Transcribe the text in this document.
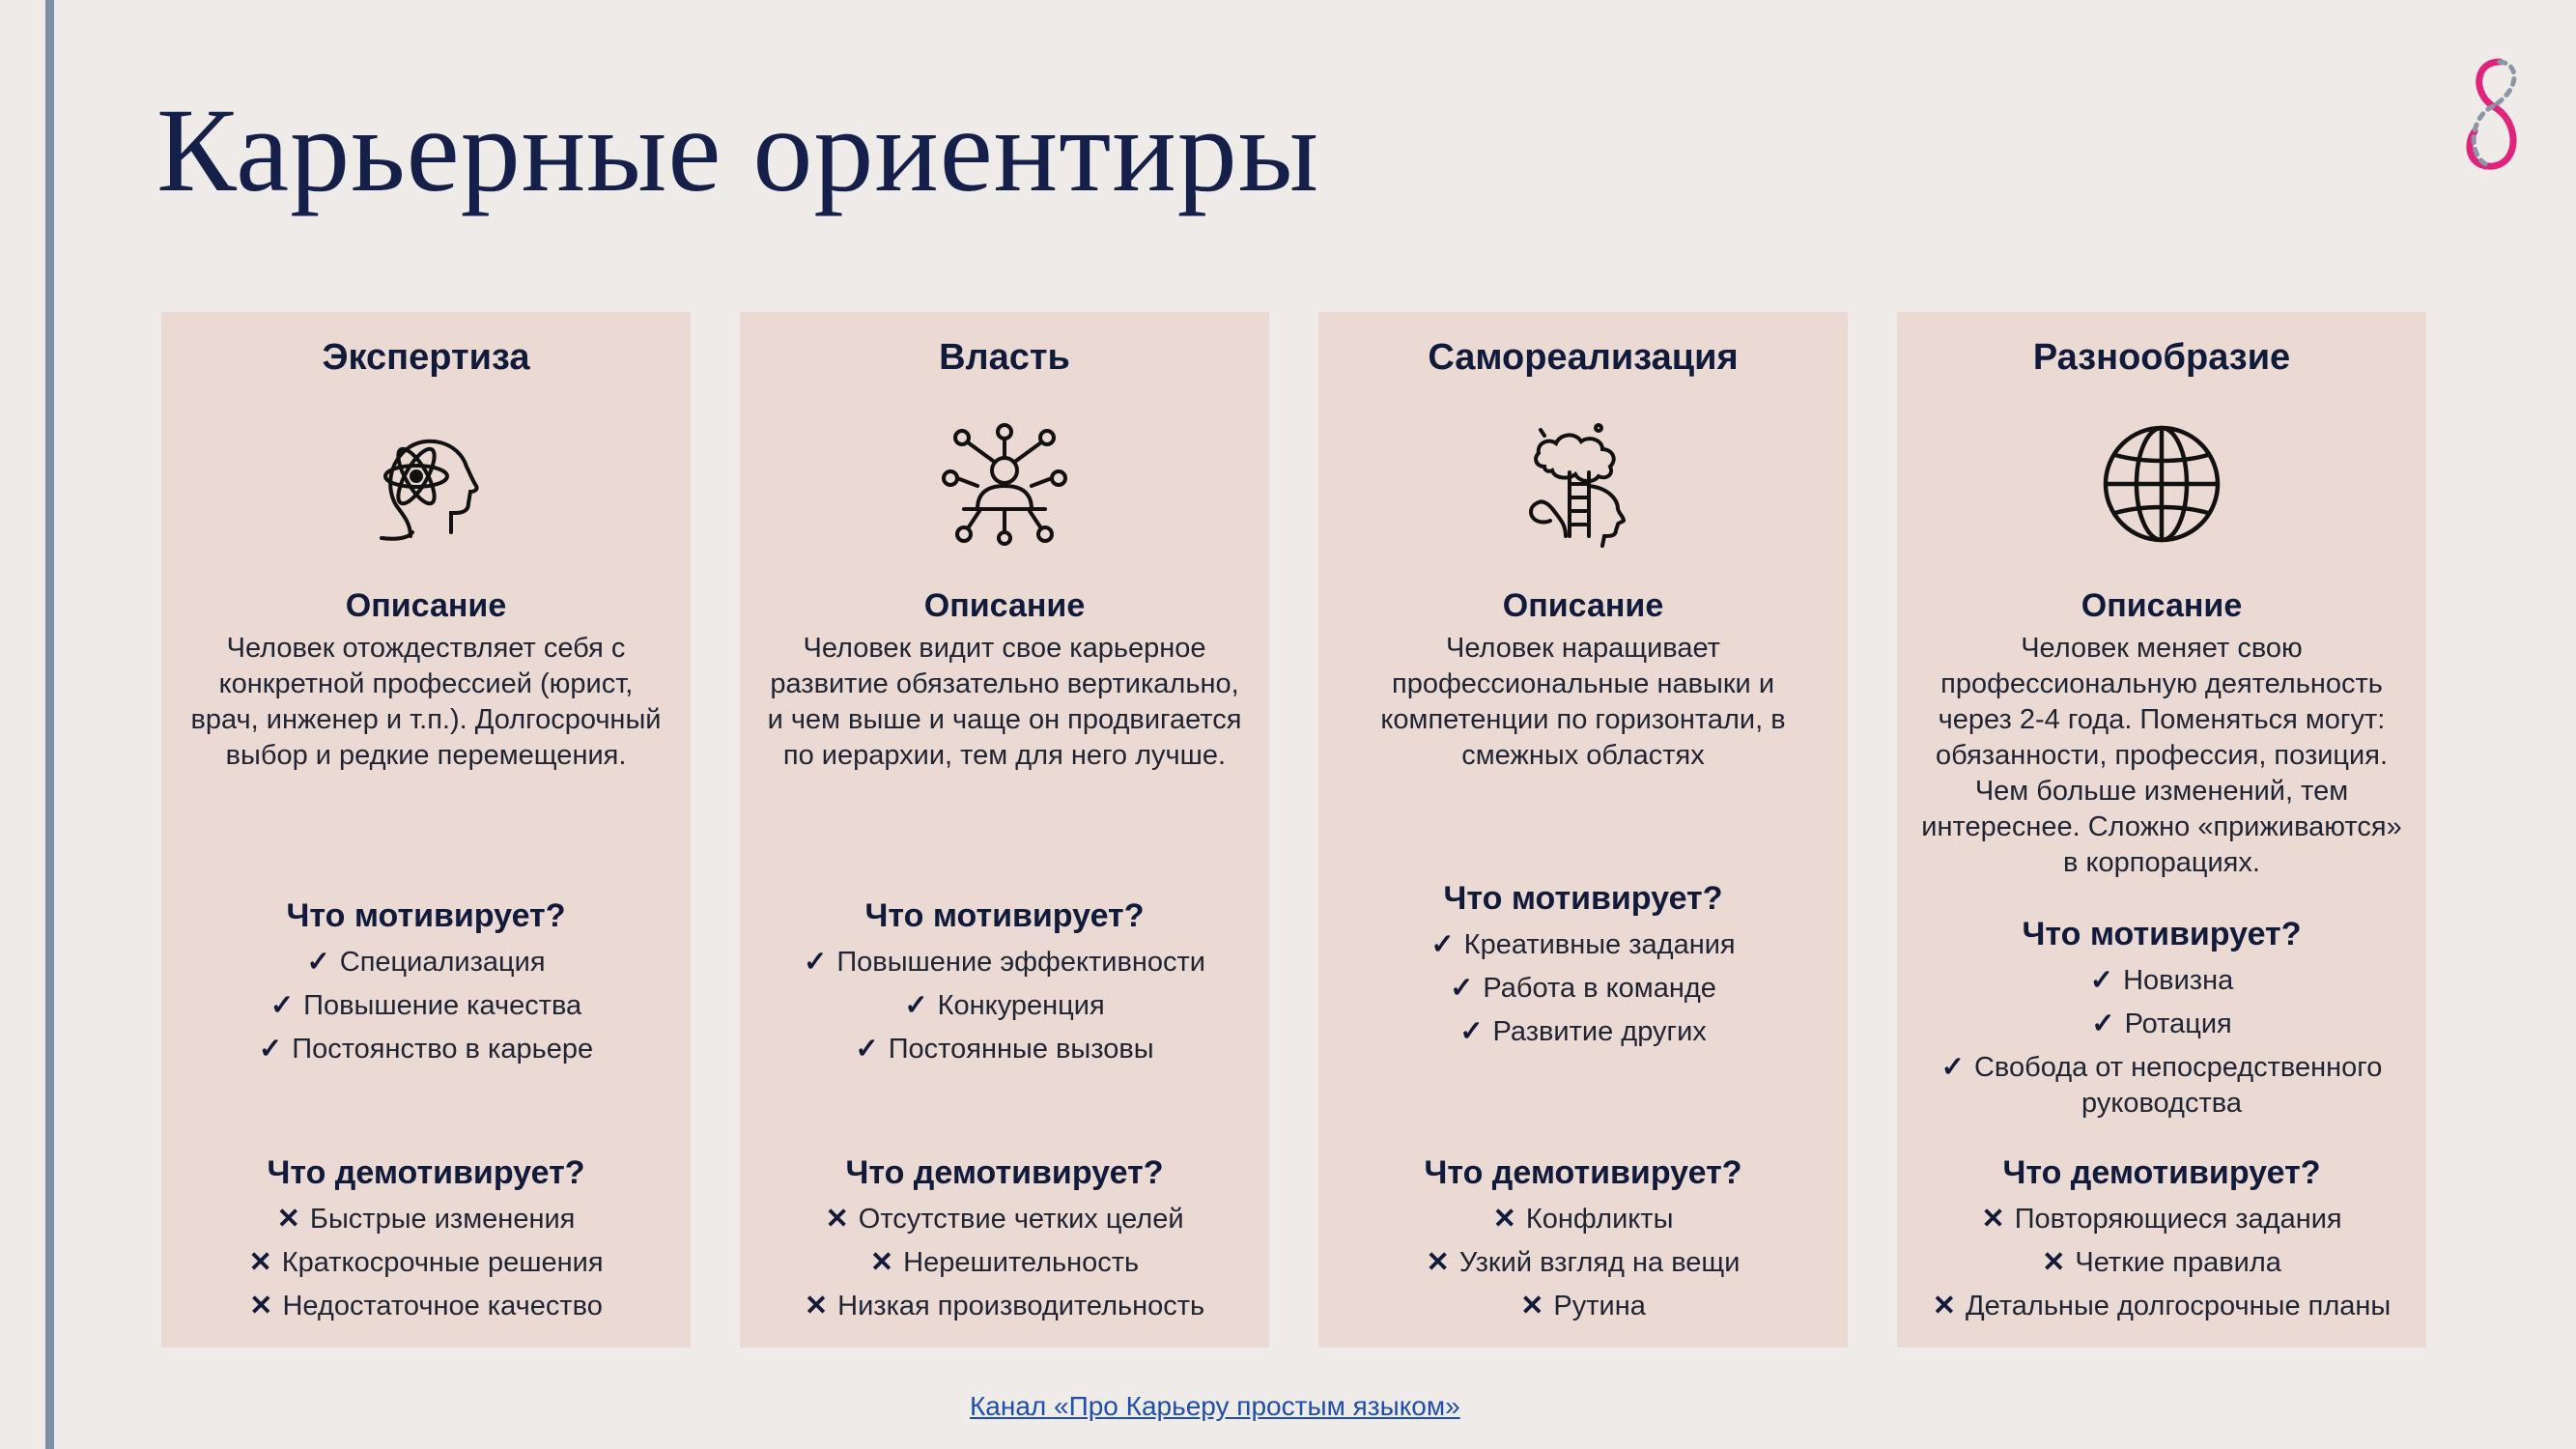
Карьерные ориентиры
Экспертиза
Описание
Человек отождествляет себя с конкретной профессией (юрист, врач, инженер и т.п.). Долгосрочный выбор и редкие перемещения.
Что мотивирует?
✓ Специализация
✓ Повышение качества
✓ Постоянство в карьере
Что демотивирует?
✕ Быстрые изменения
✕ Краткосрочные решения
✕ Недостаточное качество
Власть
Описание
Человек видит свое карьерное развитие обязательно вертикально, и чем выше и чаще он продвигается по иерархии, тем для него лучше.
Что мотивирует?
✓ Повышение эффективности
✓ Конкуренция
✓ Постоянные вызовы
Что демотивирует?
✕ Отсутствие четких целей
✕ Нерешительность
✕ Низкая производительность
Самореализация
Описание
Человек наращивает профессиональные навыки и компетенции по горизонтали, в смежных областях
Что мотивирует?
✓ Креативные задания
✓ Работа в команде
✓ Развитие других
Что демотивирует?
✕ Конфликты
✕ Узкий взгляд на вещи
✕ Рутина
Разнообразие
Описание
Человек меняет свою профессиональную деятельность через 2-4 года. Поменяться могут: обязанности, профессия, позиция. Чем больше изменений, тем интереснее. Сложно «приживаются» в корпорациях.
Что мотивирует?
✓ Новизна
✓ Ротация
✓ Свобода от непосредственного руководства
Что демотивирует?
✕ Повторяющиеся задания
✕ Четкие правила
✕ Детальные долгосрочные планы
Канал «Про Карьеру простым языком»
